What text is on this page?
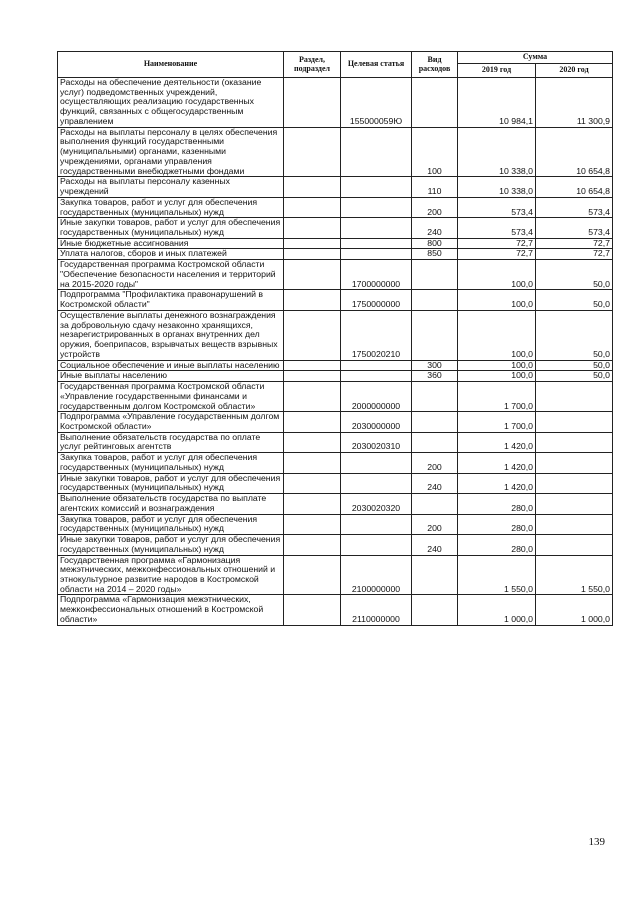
Наименование	Раздел, подраздел	Целевая статья	Вид расходов	Сумма	
				2019 год	2020 год
Расходы на обеспечение деятельности (оказание услуг) подведомственных учреждений, осуществляющих реализацию государственных функций, связанных с общегосударственным управлением		155000059Ю		10 984,1	11 300,9
Расходы на выплаты персоналу в целях обеспечения выполнения функций государственными (муниципальными) органами, казенными учреждениями, органами управления государственными внебюджетными фондами			100	10 338,0	10 654,8
Расходы на выплаты персоналу казенных учреждений			110	10 338,0	10 654,8
Закупка товаров, работ и услуг для обеспечения государственных (муниципальных) нужд			200	573,4	573,4
Иные закупки товаров, работ и услуг для обеспечения государственных (муниципальных) нужд			240	573,4	573,4
Иные бюджетные ассигнования			800	72,7	72,7
Уплата налогов, сборов и иных платежей			850	72,7	72,7
Государственная программа Костромской области "Обеспечение безопасности населения и территорий на 2015-2020 годы"		1700000000		100,0	50,0
Подпрограмма "Профилактика правонарушений в Костромской области"		1750000000		100,0	50,0
Осуществление выплаты денежного вознаграждения за добровольную сдачу незаконно хранящихся, незарегистрированных в органах внутренних дел оружия, боеприпасов, взрывчатых веществ взрывных устройств		1750020210		100,0	50,0
Социальное обеспечение и иные выплаты населению			300	100,0	50,0
Иные выплаты населению			360	100,0	50,0
Государственная программа Костромской области «Управление государственными финансами и государственным долгом Костромской области»		2000000000		1 700,0	
Подпрограмма «Управление государственным долгом Костромской области»		2030000000		1 700,0	
Выполнение обязательств государства по оплате услуг рейтинговых агентств		2030020310		1 420,0	
Закупка товаров, работ и услуг для обеспечения государственных (муниципальных) нужд			200	1 420,0	
Иные закупки товаров, работ и услуг для обеспечения государственных (муниципальных) нужд			240	1 420,0	
Выполнение обязательств государства по выплате агентских комиссий и вознаграждения		2030020320		280,0	
Закупка товаров, работ и услуг для обеспечения государственных (муниципальных) нужд			200	280,0	
Иные закупки товаров, работ и услуг для обеспечения государственных (муниципальных) нужд			240	280,0	
Государственная программа «Гармонизация межэтнических, межконфессиональных отношений и этнокультурное развитие народов в Костромской области на 2014 – 2020 годы»		2100000000		1 550,0	1 550,0
Подпрограмма «Гармонизация межэтнических, межконфессиональных отношений в Костромской области»		2110000000		1 000,0	1 000,0
139
